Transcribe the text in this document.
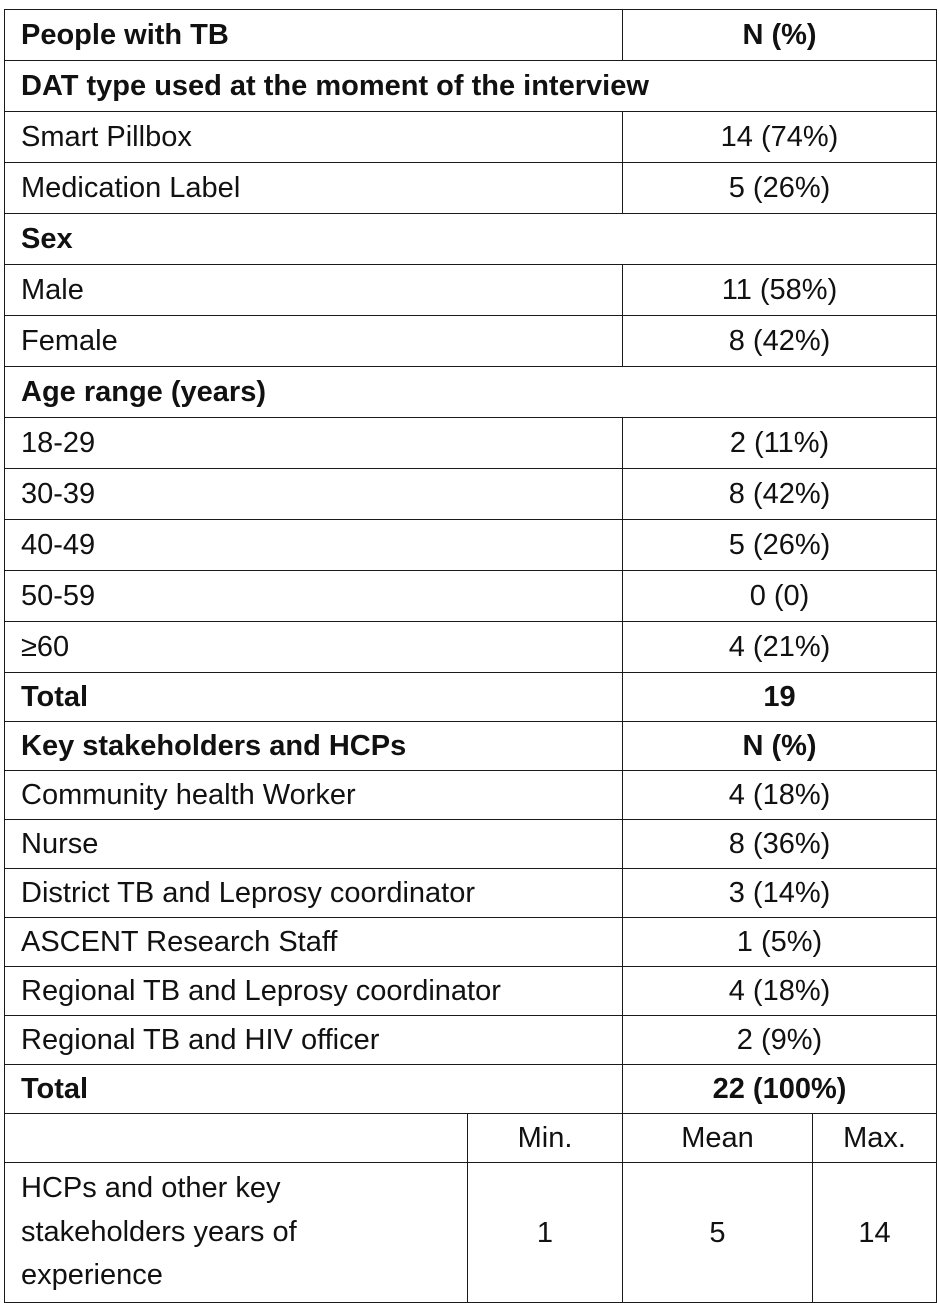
People with TB		N (%)	
DAT type used at the moment of the interview			
Smart Pillbox		14 (74%)	
Medication Label		5 (26%)	
Sex			
Male		11 (58%)	
Female		8 (42%)	
Age range (years)			
18-29		2 (11%)	
30-39		8 (42%)	
40-49		5 (26%)	
50-59		0 (0)	
≥60		4 (21%)	
Total		19	
Key stakeholders and HCPs		N (%)	
Community health Worker		4 (18%)	
Nurse		8 (36%)	
District TB and Leprosy coordinator		3 (14%)	
ASCENT Research Staff		1 (5%)	
Regional TB and Leprosy coordinator		4 (18%)	
Regional TB and HIV officer		2 (9%)	
Total		22 (100%)	
	Min.	Mean	Max.
HCPs and other key stakeholders years of experience	1	5	14
